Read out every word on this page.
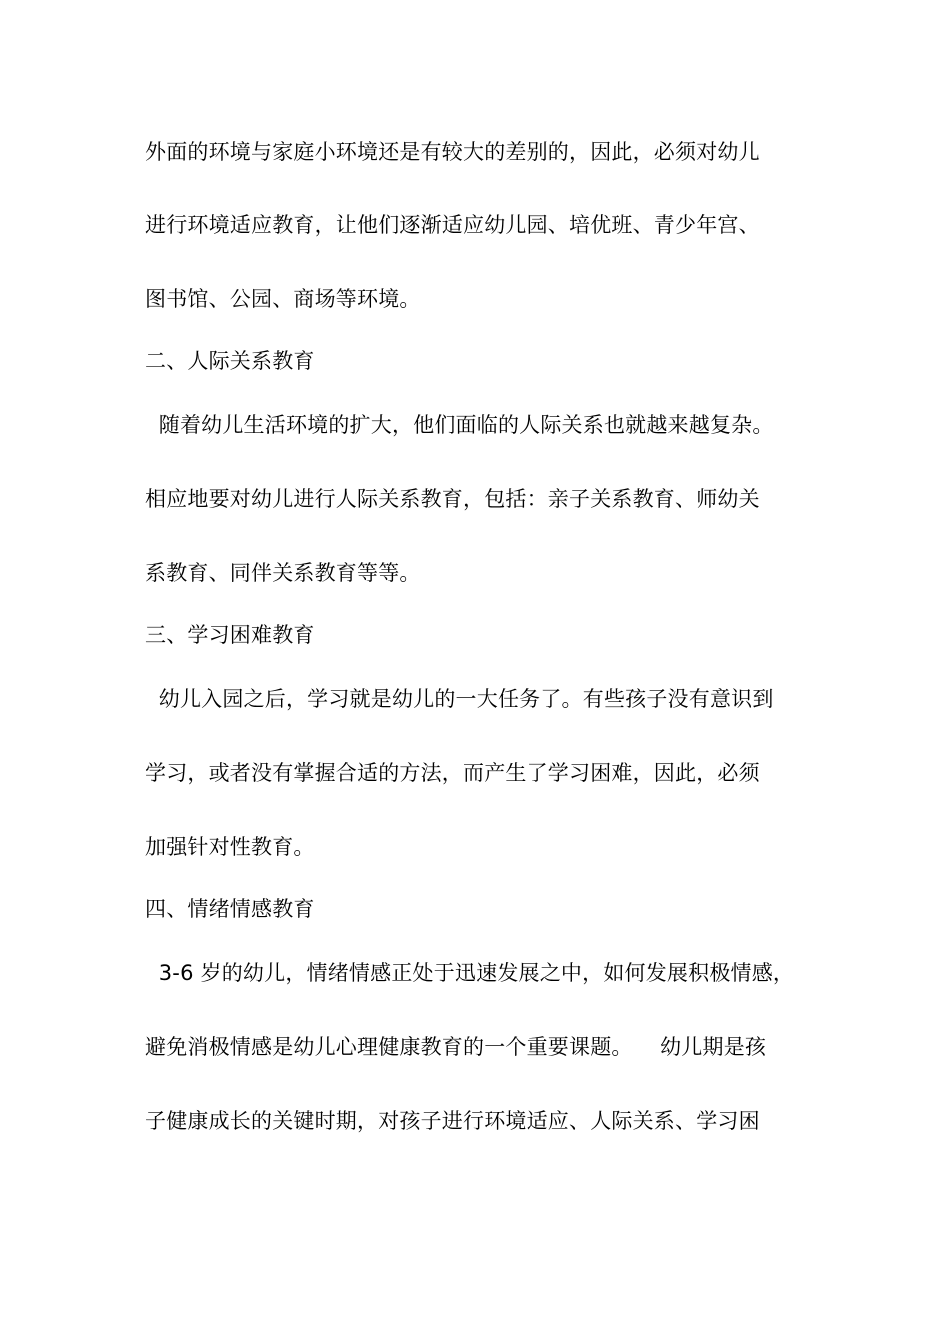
外面的环境与家庭小环境还是有较大的差别的，因此，必须对幼儿
进行环境适应教育，让他们逐渐适应幼儿园、培优班、青少年宫、
图书馆、公园、商场等环境。
二、人际关系教育
随着幼儿生活环境的扩大，他们面临的人际关系也就越来越复杂。
相应地要对幼儿进行人际关系教育，包括：亲子关系教育、师幼关
系教育、同伴关系教育等等。
三、学习困难教育
幼儿入园之后，学习就是幼儿的一大任务了。有些孩子没有意识到
学习，或者没有掌握合适的方法，而产生了学习困难，因此，必须
加强针对性教育。
四、情绪情感教育
3-6 岁的幼儿，情绪情感正处于迅速发展之中，如何发展积极情感，
避免消极情感是幼儿心理健康教育的一个重要课题。    幼儿期是孩
子健康成长的关键时期，对孩子进行环境适应、人际关系、学习困
